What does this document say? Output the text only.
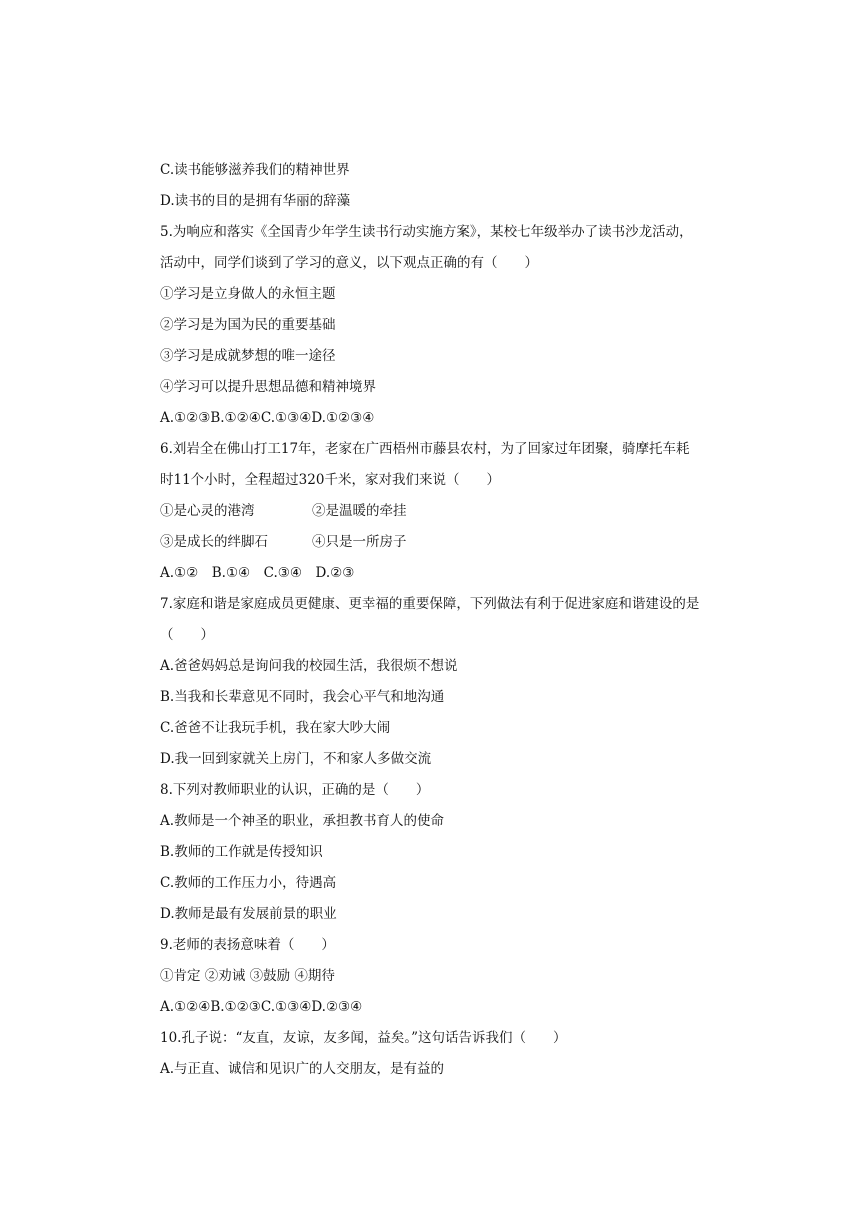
C.读书能够滋养我们的精神世界

D.读书的目的是拥有华丽的辞藻

5.为响应和落实《全国青少年学生读书行动实施方案》，某校七年级举办了读书沙龙活动，

活动中，同学们谈到了学习的意义，以下观点正确的有（　　）

①学习是立身做人的永恒主题

②学习是为国为民的重要基础

③学习是成就梦想的唯一途径

④学习可以提升思想品德和精神境界

A.①②③B.①②④C.①③④D.①②③④

6.刘岩全在佛山打工17年，老家在广西梧州市藤县农村，为了回家过年团聚，骑摩托车耗

时11个小时，全程超过320千米，家对我们来说（　　）

①是心灵的港湾	②是温暖的牵挂

③是成长的绊脚石	④只是一所房子

A.①②　B.①④　C.③④　D.②③

7.家庭和谐是家庭成员更健康、更幸福的重要保障，下列做法有利于促进家庭和谐建设的是

（　　）

A.爸爸妈妈总是询问我的校园生活，我很烦不想说

B.当我和长辈意见不同时，我会心平气和地沟通

C.爸爸不让我玩手机，我在家大吵大闹

D.我一回到家就关上房门，不和家人多做交流

8.下列对教师职业的认识，正确的是（　　）

A.教师是一个神圣的职业，承担教书育人的使命

B.教师的工作就是传授知识

C.教师的工作压力小，待遇高

D.教师是最有发展前景的职业

9.老师的表扬意味着（　　）

①肯定 ②劝诫 ③鼓励 ④期待

A.①②④B.①②③C.①③④D.②③④

10.孔子说：“友直，友谅，友多闻，益矣。”这句话告诉我们（　　）

A.与正直、诚信和见识广的人交朋友，是有益的
